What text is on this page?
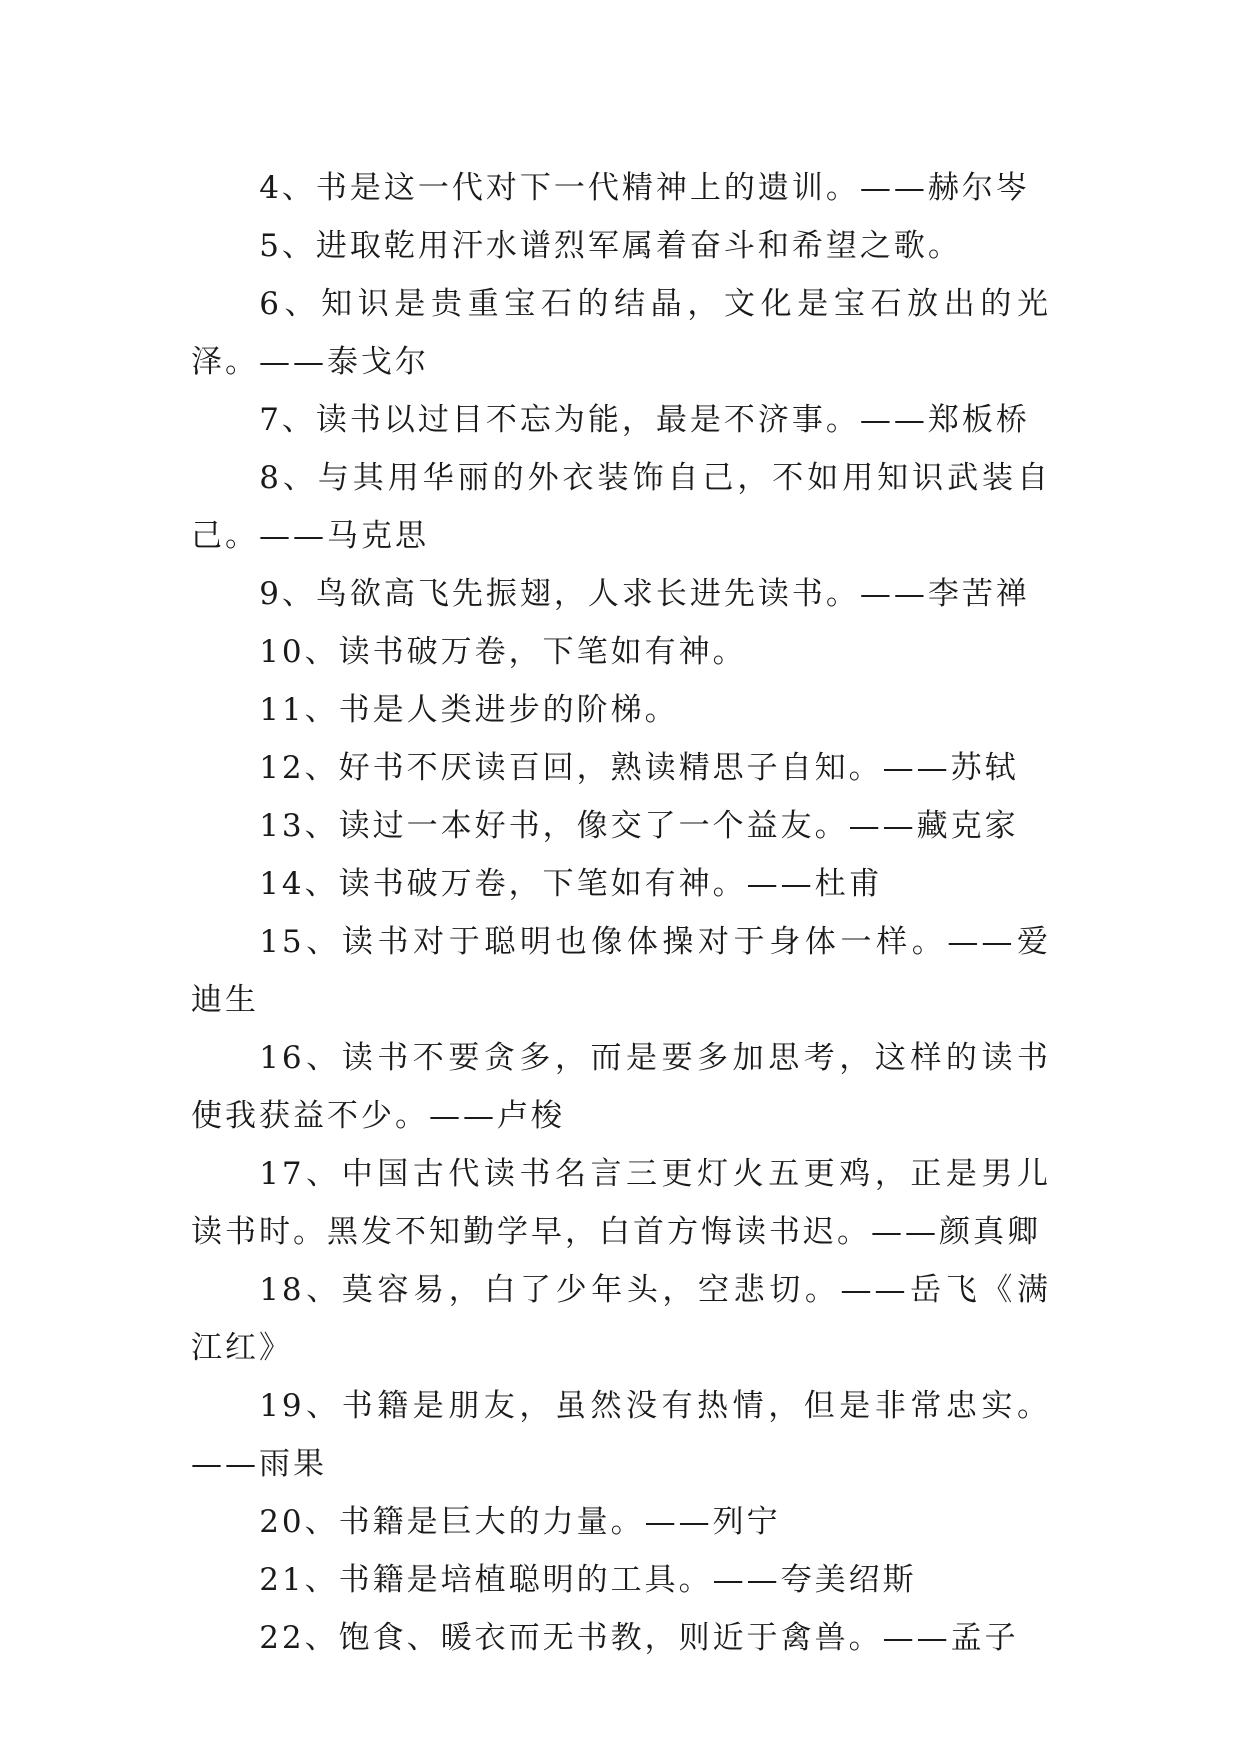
4、书是这一代对下一代精神上的遗训。——赫尔岑

5、进取乾用汗水谱烈军属着奋斗和希望之歌。

6、知识是贵重宝石的结晶，文化是宝石放出的光泽。——泰戈尔

7、读书以过目不忘为能，最是不济事。——郑板桥

8、与其用华丽的外衣装饰自己，不如用知识武装自己。——马克思

9、鸟欲高飞先振翅，人求长进先读书。——李苦禅

10、读书破万卷，下笔如有神。

11、书是人类进步的阶梯。

12、好书不厌读百回，熟读精思子自知。——苏轼

13、读过一本好书，像交了一个益友。——藏克家

14、读书破万卷，下笔如有神。——杜甫

15、读书对于聪明也像体操对于身体一样。——爱迪生

16、读书不要贪多，而是要多加思考，这样的读书使我获益不少。——卢梭

17、中国古代读书名言三更灯火五更鸡，正是男儿读书时。黑发不知勤学早，白首方悔读书迟。——颜真卿

18、莫容易，白了少年头，空悲切。——岳飞《满江红》

19、书籍是朋友，虽然没有热情，但是非常忠实。——雨果

20、书籍是巨大的力量。——列宁

21、书籍是培植聪明的工具。——夸美绍斯

22、饱食、暖衣而无书教，则近于禽兽。——孟子
